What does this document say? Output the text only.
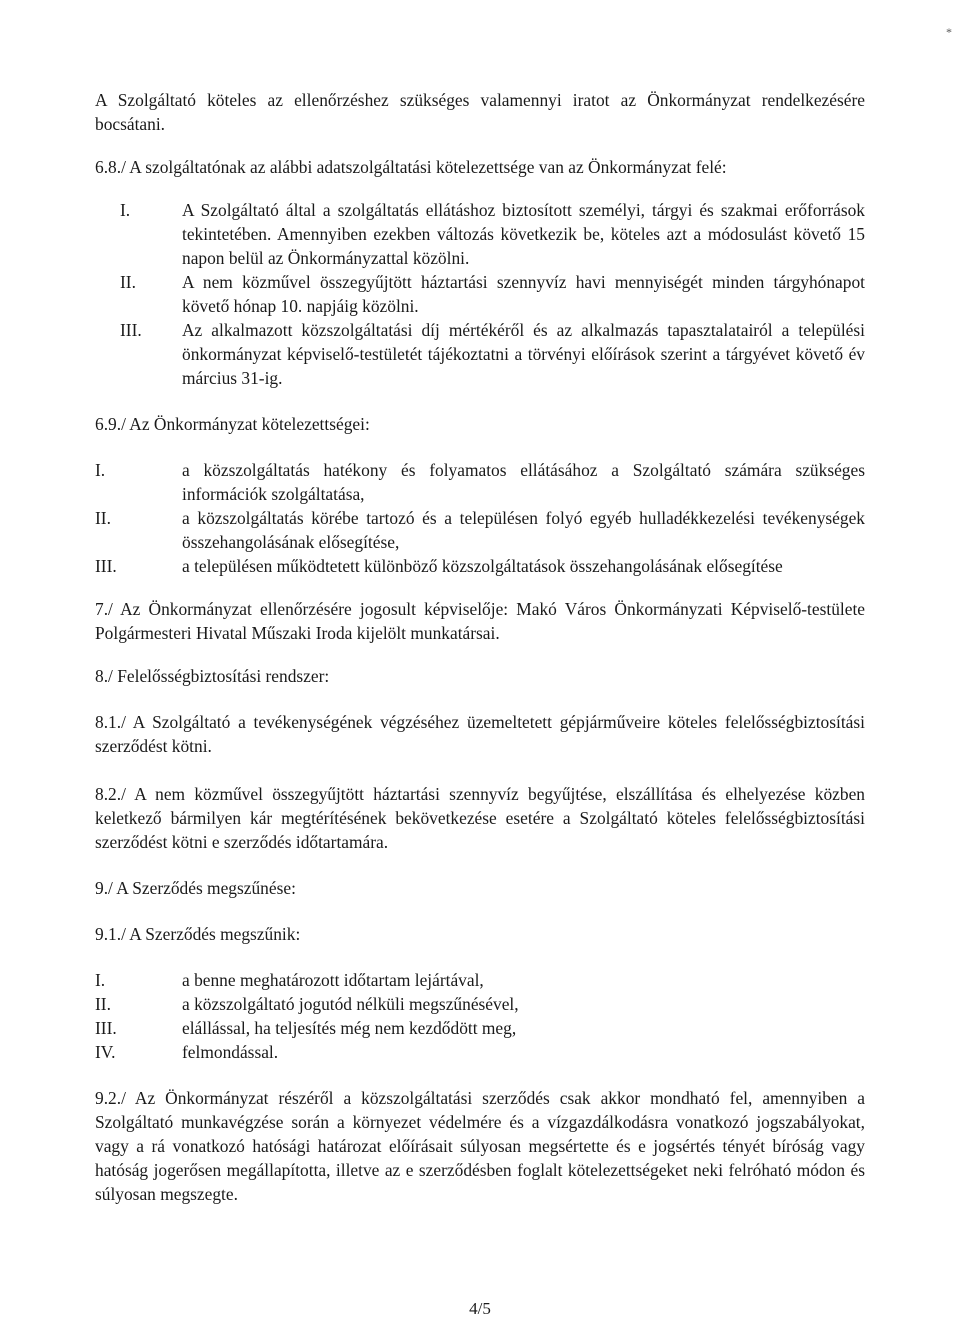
*

A Szolgáltató köteles az ellenőrzéshez szükséges valamennyi iratot az Önkormányzat rendelkezésére bocsátani.

6.8./ A szolgáltatónak az alábbi adatszolgáltatási kötelezettsége van az Önkormányzat felé:

I.	A Szolgáltató által a szolgáltatás ellátáshoz biztosított személyi, tárgyi és szakmai erőforrások tekintetében. Amennyiben ezekben változás következik be, köteles azt a módosulást követő 15 napon belül az Önkormányzattal közölni.
II.	A nem közművel összegyűjtött háztartási szennyvíz havi mennyiségét minden tárgyhónapot követő hónap 10. napjáig közölni.
III.	Az alkalmazott közszolgáltatási díj mértékéről és az alkalmazás tapasztalatairól a települési önkormányzat képviselő-testületét tájékoztatni a törvényi előírások szerint a tárgyévet követő év március 31-ig.

6.9./ Az Önkormányzat kötelezettségei:

I.	a közszolgáltatás hatékony és folyamatos ellátásához a Szolgáltató számára szükséges információk szolgáltatása,
II.	a közszolgáltatás körébe tartozó és a településen folyó egyéb hulladékkezelési tevékenységek összehangolásának elősegítése,
III.	a településen működtetett különböző közszolgáltatások összehangolásának elősegítése

7./ Az Önkormányzat ellenőrzésére jogosult képviselője: Makó Város Önkormányzati Képviselő-testülete Polgármesteri Hivatal Műszaki Iroda kijelölt munkatársai.

8./ Felelősségbiztosítási rendszer:

8.1./ A Szolgáltató a tevékenységének végzéséhez üzemeltetett gépjárműveire köteles felelősségbiztosítási szerződést kötni.

8.2./ A nem közművel összegyűjtött háztartási szennyvíz begyűjtése, elszállítása és elhelyezése közben keletkező bármilyen kár megtérítésének bekövetkezése esetére a Szolgáltató köteles felelősségbiztosítási szerződést kötni e szerződés időtartamára.

9./ A Szerződés megszűnése:

9.1./ A Szerződés megszűnik:

I.	a benne meghatározott időtartam lejártával,
II.	a közszolgáltató jogutód nélküli megszűnésével,
III.	elállással, ha teljesítés még nem kezdődött meg,
IV.	felmondással.

9.2./ Az Önkormányzat részéről a közszolgáltatási szerződés csak akkor mondható fel, amennyiben a Szolgáltató munkavégzése során a környezet védelmére és a vízgazdálkodásra vonatkozó jogszabályokat, vagy a rá vonatkozó hatósági határozat előírásait súlyosan megsértette és e jogsértés tényét bíróság vagy hatóság jogerősen megállapította, illetve az e szerződésben foglalt kötelezettségeket neki felróható módon és súlyosan megszegte.

4/5
